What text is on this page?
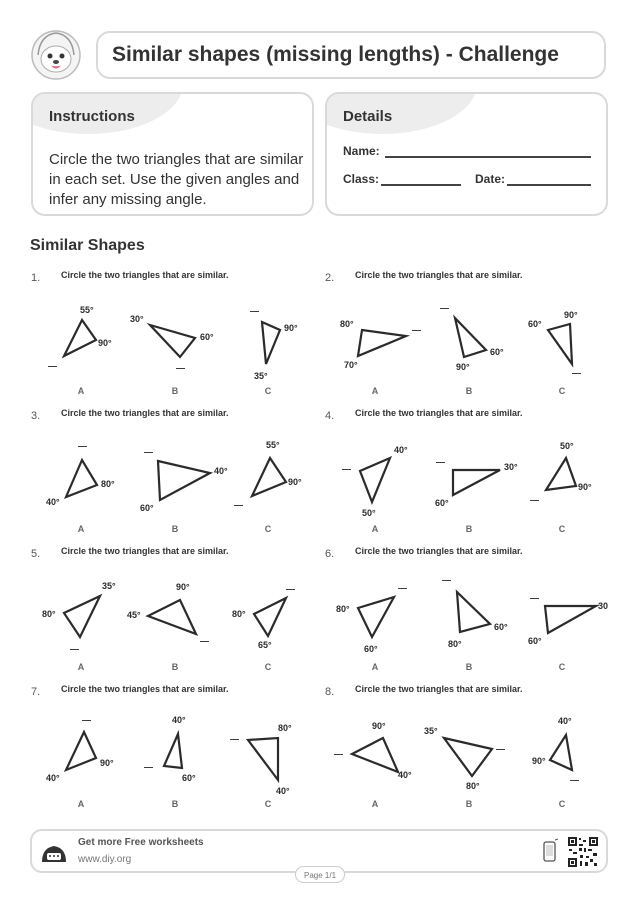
Similar shapes (missing lengths) - Challenge
Instructions
Circle the two triangles that are similar in each set. Use the given angles and infer any missing angle.
Details
Name:
Class:	Date:
Similar Shapes
1. Circle the two triangles that are similar.	2. Circle the two triangles that are similar.
3. Circle the two triangles that are similar.	4. Circle the two triangles that are similar.
5. Circle the two triangles that are similar.	6. Circle the two triangles that are similar.
7. Circle the two triangles that are similar.	8. Circle the two triangles that are similar.
55°
90°
—
30°
60°
—
—
90°
35°
80°
70°
—
—
60°
90°
60°
90°
—
—
80°
40°
—
40°
60°
55°
90°
—
40°
—
50°
—	30°
60°
50°
90°
—
35°
80°
—
90°
45°
—
—
80°
65°
80°
—
60°
—
60°
80°
—
30
60°
—
90°
40°
40°
—
60°
—
80°
40°
90°
—
40°
35°
—
80°
40°
90°
—
A	B	C	A	B	C
A	B	C	A	B	C
A	B	C	A	B	C
A	B	C	A	B	C
Get more Free worksheets
www.diy.org
Page 1/1
